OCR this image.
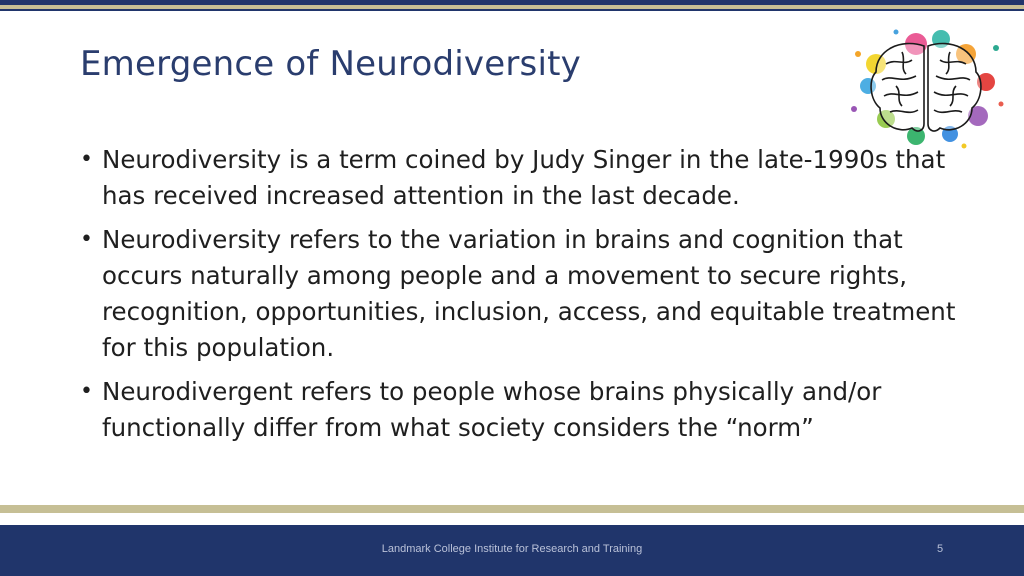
Emergence of Neurodiversity
• Neurodiversity is a term coined by Judy Singer in the late-1990s that has received increased attention in the last decade.
• Neurodiversity refers to the variation in brains and cognition that occurs naturally among people and a movement to secure rights, recognition, opportunities, inclusion, access, and equitable treatment for this population.
• Neurodivergent refers to people whose brains physically and/or functionally differ from what society considers the “norm”
Landmark College Institute for Research and Training	5
